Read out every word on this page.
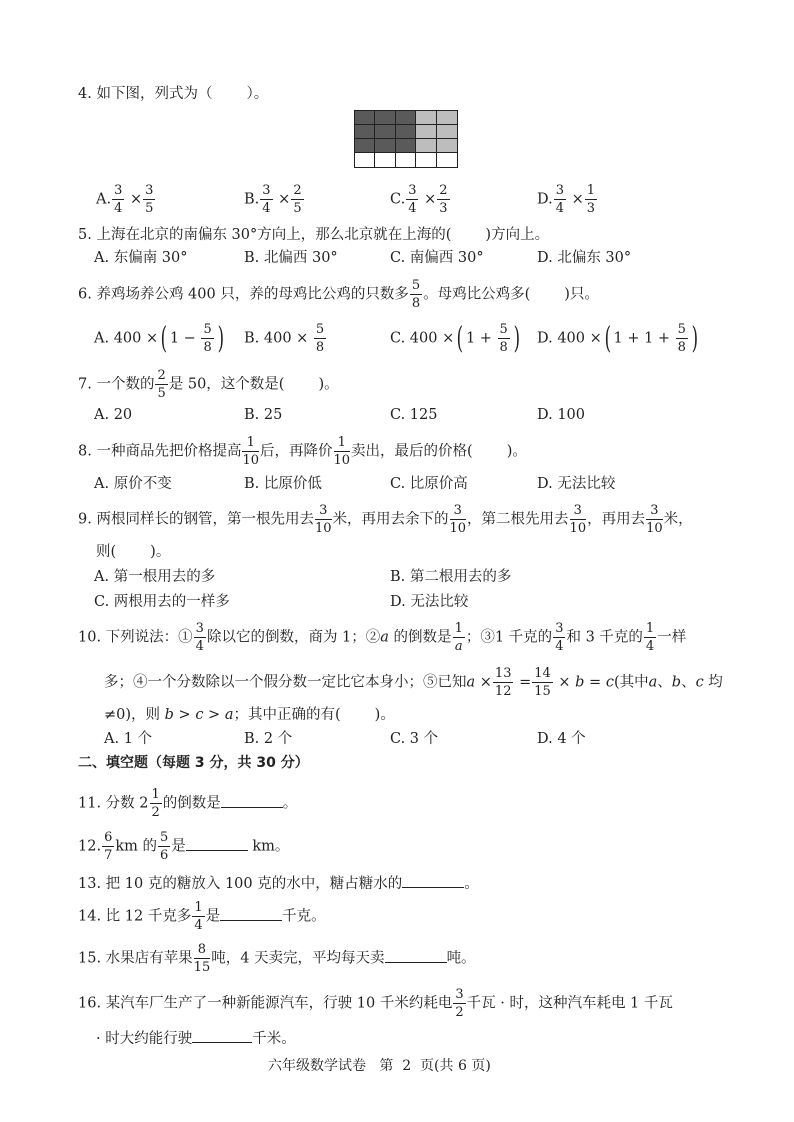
4. 如下图，列式为（ ）。
A. $\frac{3}{4} \times \frac{3}{5}$	B. $\frac{3}{4} \times \frac{2}{5}$	C. $\frac{3}{4} \times \frac{2}{3}$	D. $\frac{3}{4} \times \frac{1}{3}$
5. 上海在北京的南偏东 30°方向上，那么北京就在上海的( )方向上。
A. 东偏南 30°	B. 北偏西 30°	C. 南偏西 30°	D. 北偏东 30°
6. 养鸡场养公鸡 400 只，养的母鸡比公鸡的只数多 $\frac{5}{8}$ 。母鸡比公鸡多( )只。
A. 400 ×( $1 - \frac{5}{8}$ ) B. $400 \times \frac{5}{8}$	C. 400 ×( $1 + \frac{5}{8}$ ) D. 400 ×( $1 + 1 + \frac{5}{8}$ )
7. 一个数的 $\frac{2}{5}$ 是 50，这个数是( )。
A. 20	B. 25	C. 125	D. 100
8. 一种商品先把价格提高 $\frac{1}{10}$ 后，再降价 $\frac{1}{10}$ 卖出，最后的价格( )。
A. 原价不变	B. 比原价低	C. 比原价高	D. 无法比较
9. 两根同样长的钢管，第一根先用去 $\frac{3}{10}$ 米，再用去余下的 $\frac{3}{10}$ ，第二根先用去 $\frac{3}{10}$ ，再用去 $\frac{3}{10}$ 米，
则( )。
A. 第一根用去的多	B. 第二根用去的多
C. 两根用去的一样多	D. 无法比较
10. 下列说法：① $\frac{3}{4}$ 除以它的倒数，商为 1；②a 的倒数是 $\frac{1}{a}$ ；③1 千克的 $\frac{3}{4}$ 和 3 千克的 $\frac{1}{4}$ 一样
多；④一个分数除以一个假分数一定比它本身小；⑤已知$a \times \frac{13}{12} = \frac{14}{15} \times b = c$(其中a、b、c 均
≠0)，则 b > c > a；其中正确的有( )。
A. 1 个	B. 2 个	C. 3 个	D. 4 个
二、填空题（每题 3 分，共 30 分）
11. 分数 $2 \frac{1}{2}$ 的倒数是	。
12. $\frac{6}{7}$ km 的 $\frac{5}{6}$ 是	km。
13. 把 10 克的糖放入 100 克的水中，糖占糖水的	。
14. 比 12 千克多 $\frac{1}{4}$ 是	千克。
15. 水果店有苹果 $\frac{8}{15}$ 吨，4 天卖完，平均每天卖	吨。
16. 某汽车厂生产了一种新能源汽车，行驶 10 千米约耗电 $\frac{3}{2}$ 千瓦 · 时，这种汽车耗电 1 千瓦
· 时大约能行驶	千米。
六年级数学试卷   第  2  页(共 6 页)
